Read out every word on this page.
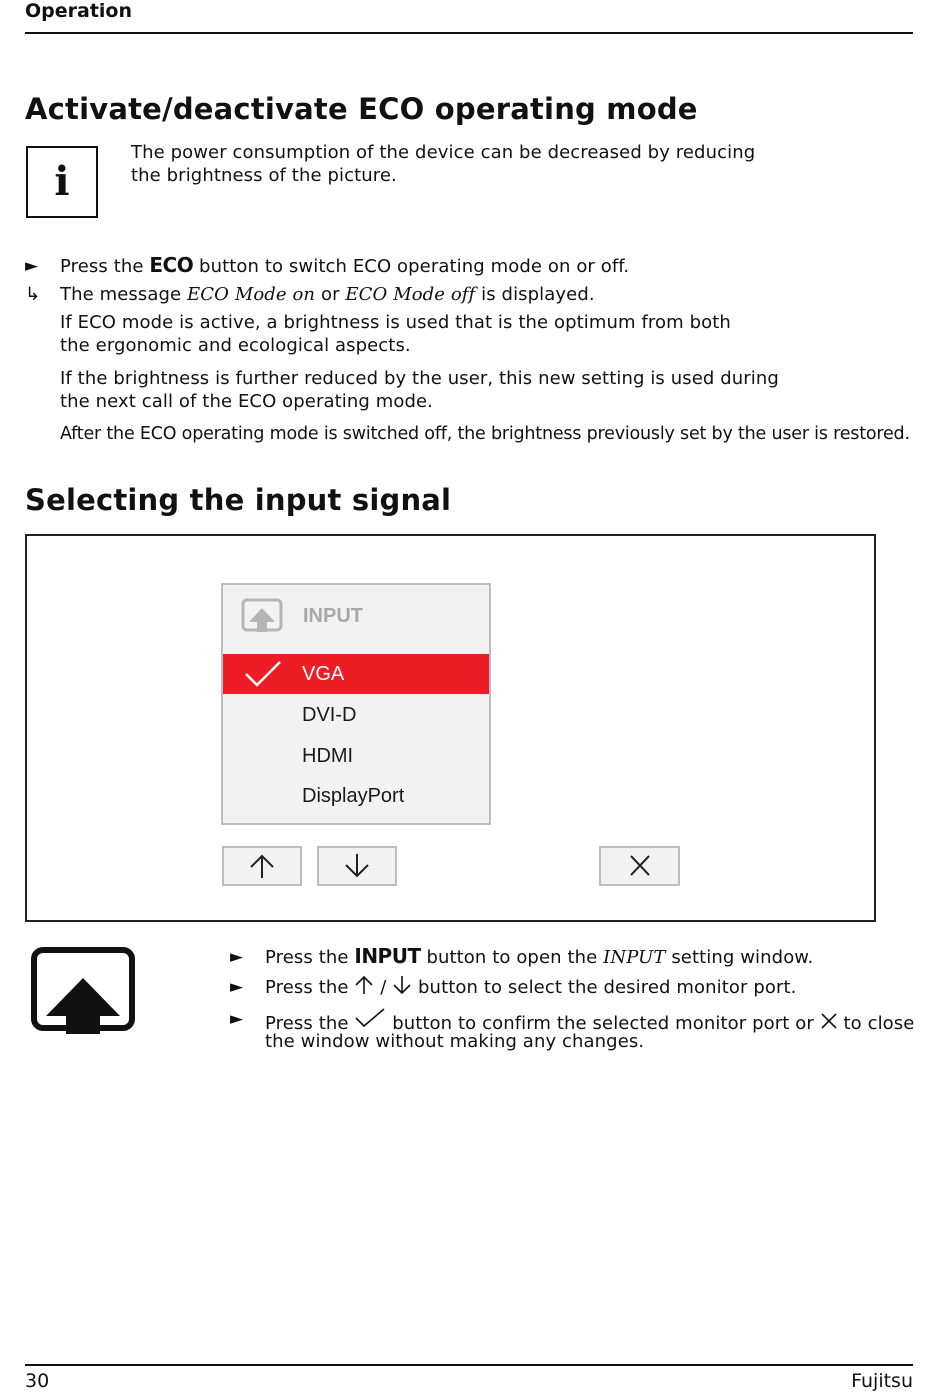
Operation
Activate/deactivate ECO operating mode
i
The power consumption of the device can be decreased by reducing
the brightness of the picture.
► Press the ECO button to switch ECO operating mode on or off.
↳ The message ECO Mode on or ECO Mode off is displayed.
If ECO mode is active, a brightness is used that is the optimum from both
the ergonomic and ecological aspects.
If the brightness is further reduced by the user, this new setting is used during
the next call of the ECO operating mode.
After the ECO operating mode is switched off, the brightness previously set by the user is restored.
Selecting the input signal
INPUT
VGA
DVI-D
HDMI
DisplayPort
► Press the INPUT button to open the INPUT setting window.
► Press the / button to select the desired monitor port.
► Press the button to confirm the selected monitor port or to close
the window without making any changes.
30	Fujitsu
